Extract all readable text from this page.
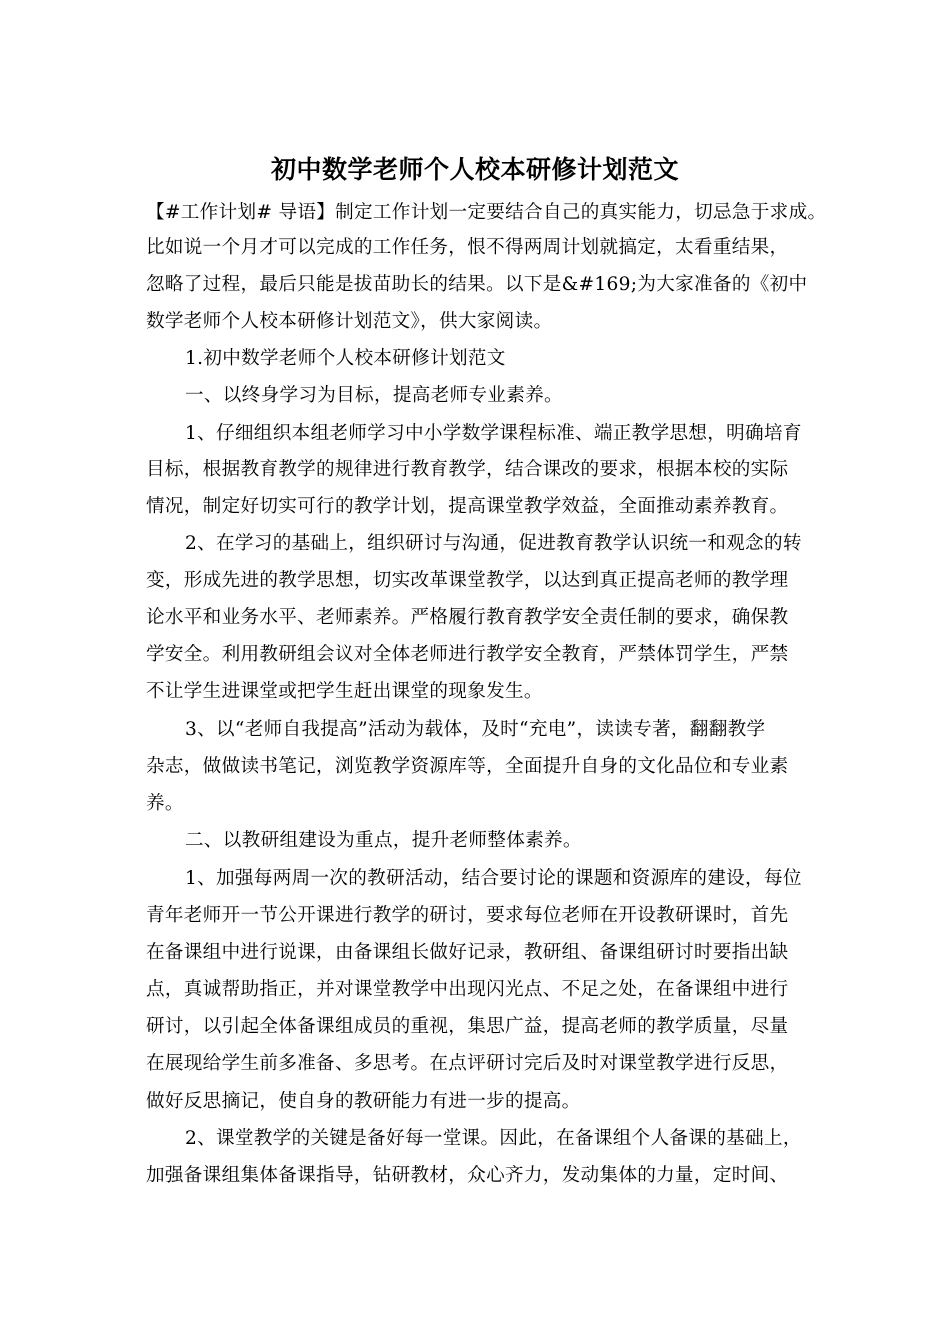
初中数学老师个人校本研修计划范文

【#工作计划# 导语】制定工作计划一定要结合自己的真实能力，切忌急于求成。

比如说一个月才可以完成的工作任务，恨不得两周计划就搞定，太看重结果，

忽略了过程，最后只能是拔苗助长的结果。以下是&#169;为大家准备的《初中

数学老师个人校本研修计划范文》，供大家阅读。

1.初中数学老师个人校本研修计划范文

一、以终身学习为目标，提高老师专业素养。

1、仔细组织本组老师学习中小学数学课程标准、端正教学思想，明确培育

目标，根据教育教学的规律进行教育教学，结合课改的要求，根据本校的实际

情况，制定好切实可行的教学计划，提高课堂教学效益，全面推动素养教育。

2、在学习的基础上，组织研讨与沟通，促进教育教学认识统一和观念的转

变，形成先进的教学思想，切实改革课堂教学，以达到真正提高老师的教学理

论水平和业务水平、老师素养。严格履行教育教学安全责任制的要求，确保教

学安全。利用教研组会议对全体老师进行教学安全教育，严禁体罚学生，严禁

不让学生进课堂或把学生赶出课堂的现象发生。

3、以“老师自我提高”活动为载体，及时“充电”，读读专著，翻翻教学

杂志，做做读书笔记，浏览教学资源库等，全面提升自身的文化品位和专业素

养。

二、以教研组建设为重点，提升老师整体素养。

1、加强每两周一次的教研活动，结合要讨论的课题和资源库的建设，每位

青年老师开一节公开课进行教学的研讨，要求每位老师在开设教研课时，首先

在备课组中进行说课，由备课组长做好记录，教研组、备课组研讨时要指出缺

点，真诚帮助指正，并对课堂教学中出现闪光点、不足之处，在备课组中进行

研讨，以引起全体备课组成员的重视，集思广益，提高老师的教学质量，尽量

在展现给学生前多准备、多思考。在点评研讨完后及时对课堂教学进行反思，

做好反思摘记，使自身的教研能力有进一步的提高。

2、课堂教学的关键是备好每一堂课。因此，在备课组个人备课的基础上，

加强备课组集体备课指导，钻研教材，众心齐力，发动集体的力量，定时间、
